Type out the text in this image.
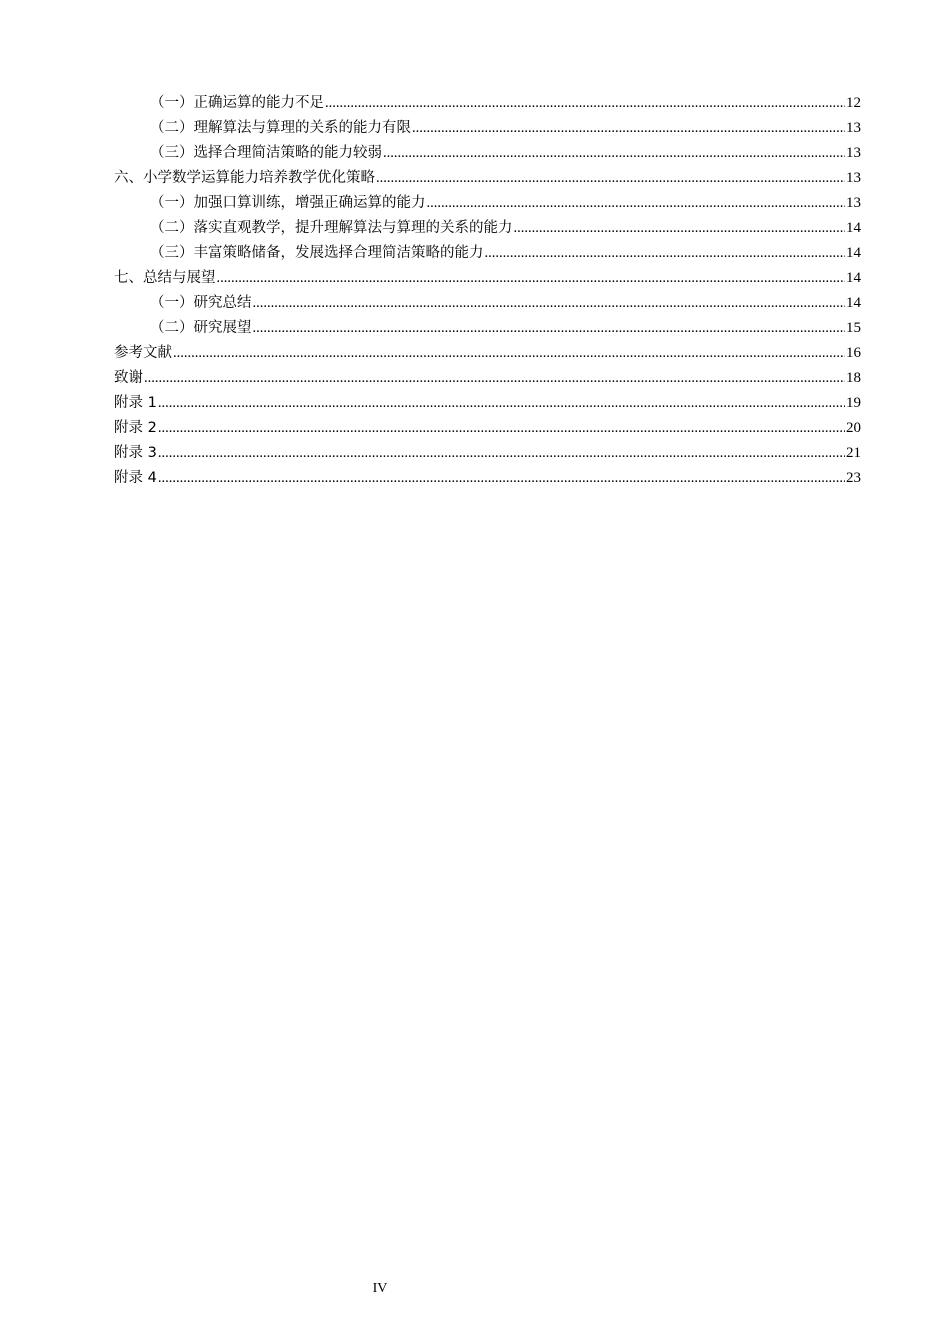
（一）正确运算的能力不足 .....	12
（二）理解算法与算理的关系的能力有限 .....	13
（三）选择合理简洁策略的能力较弱 .....	13
六、小学数学运算能力培养教学优化策略 .....	13
（一）加强口算训练，增强正确运算的能力 .....	13
（二）落实直观教学，提升理解算法与算理的关系的能力 .....	14
（三）丰富策略储备，发展选择合理简洁策略的能力 .....	14
七、总结与展望 .....	14
（一）研究总结 .....	14
（二）研究展望 .....	15
参考文献 .....	16
致谢 .....	18
附录 1 .....	19
附录 2 .....	20
附录 3 .....	21
附录 4 .....	23
IV
